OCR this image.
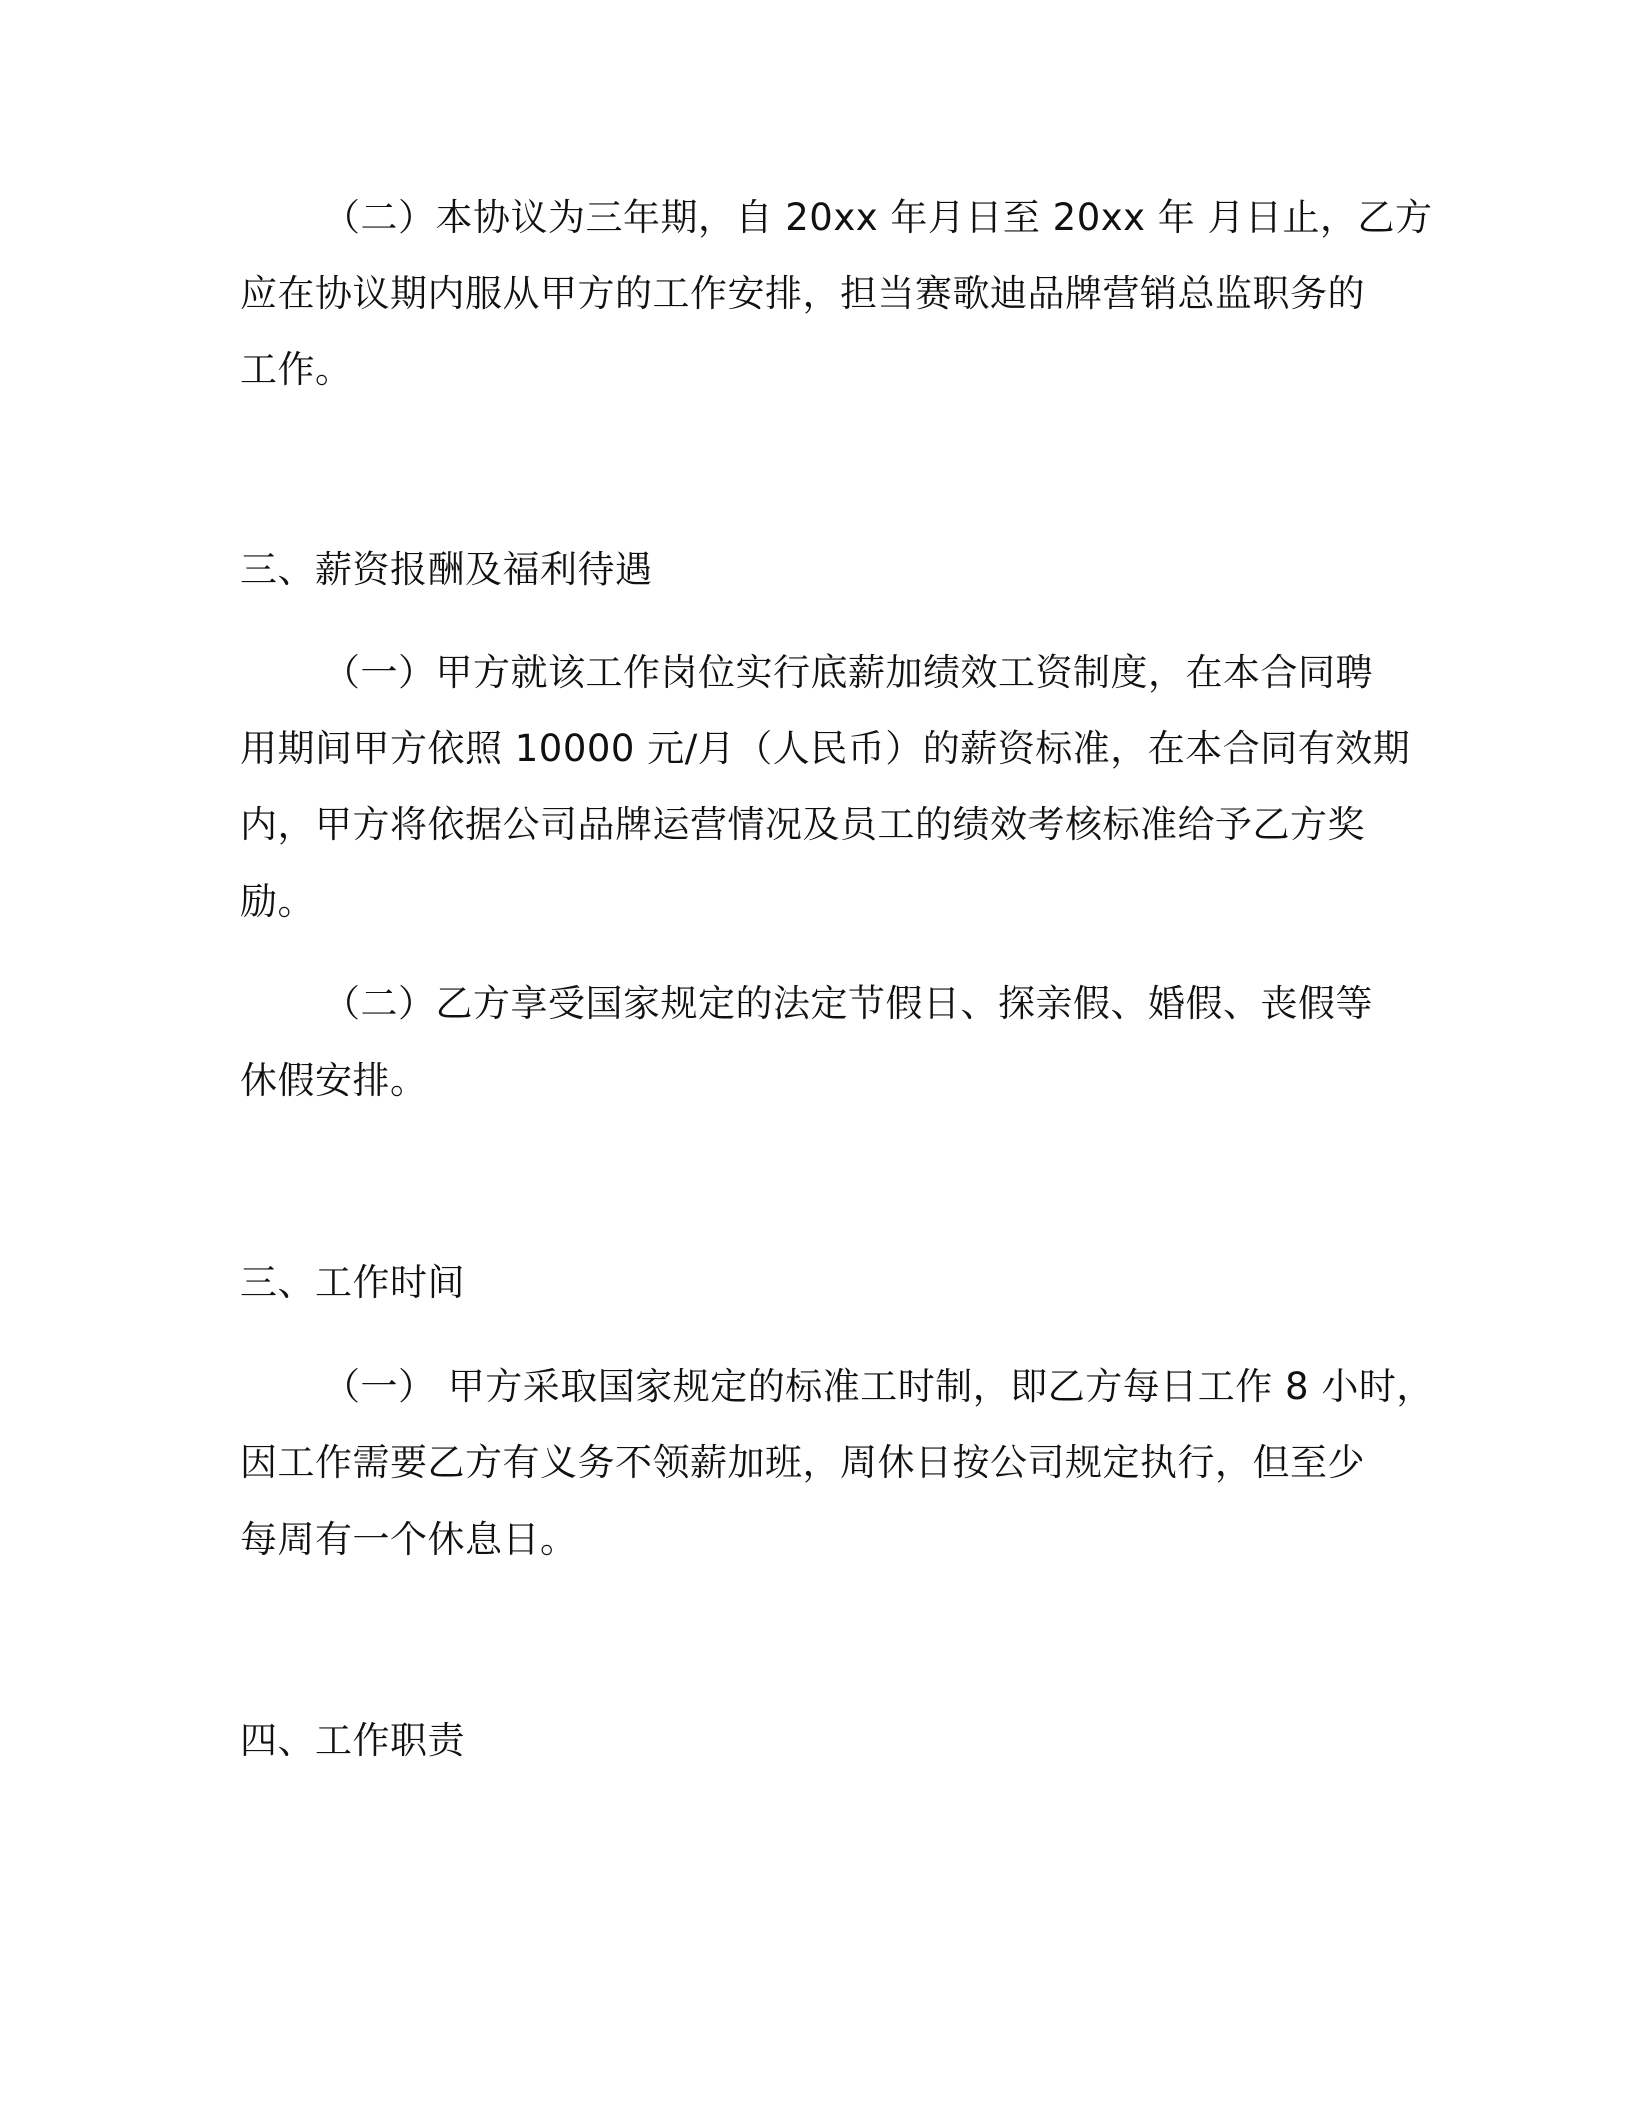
（二）本协议为三年期，自 20xx 年月日至 20xx 年 月日止，乙方
应在协议期内服从甲方的工作安排，担当赛歌迪品牌营销总监职务的
工作。
三、薪资报酬及福利待遇
（一）甲方就该工作岗位实行底薪加绩效工资制度，在本合同聘
用期间甲方依照 10000 元/月（人民币）的薪资标准，在本合同有效期
内，甲方将依据公司品牌运营情况及员工的绩效考核标准给予乙方奖
励。
（二）乙方享受国家规定的法定节假日、探亲假、婚假、丧假等
休假安排。
三、工作时间
（一） 甲方采取国家规定的标准工时制，即乙方每日工作 8 小时，
因工作需要乙方有义务不领薪加班，周休日按公司规定执行，但至少
每周有一个休息日。
四、工作职责
